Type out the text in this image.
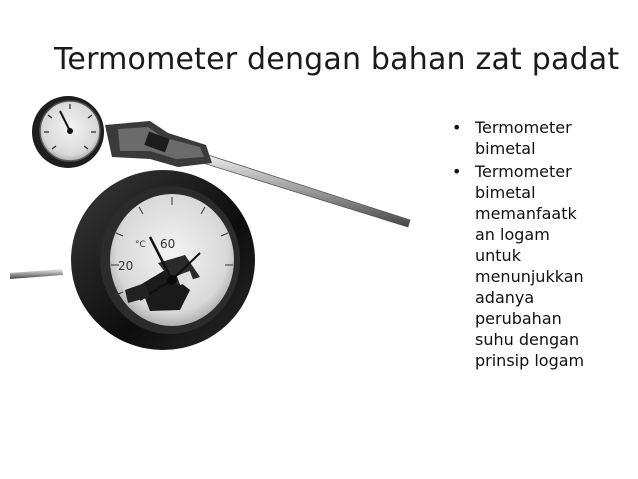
Termometer dengan bahan zat padat
60
20
0
°C
• Termometer
bimetal
• Termometer
bimetal
memanfaatk
an logam
untuk
menunjukkan
adanya
perubahan
suhu dengan
prinsip logam
